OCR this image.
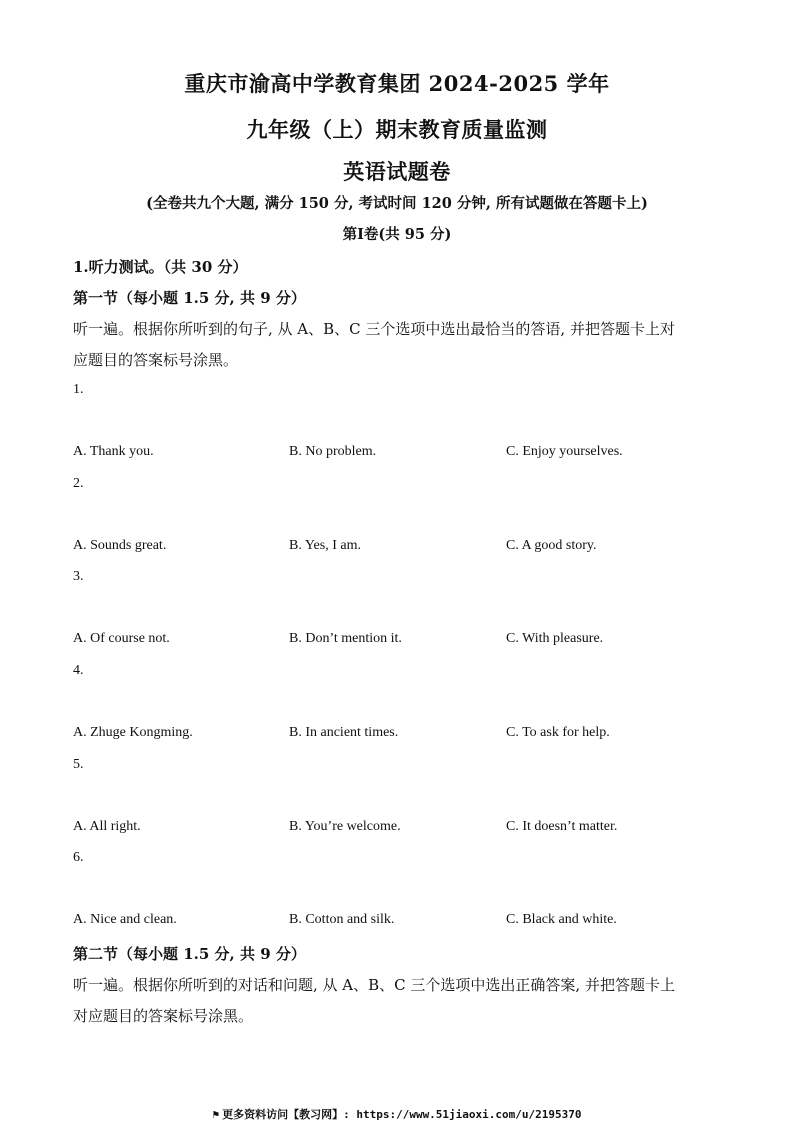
重庆市渝高中学教育集团 2024-2025 学年
九年级（上）期末教育质量监测
英语试题卷
(全卷共九个大题, 满分 150 分, 考试时间 120 分钟, 所有试题做在答题卡上)
第Ⅰ卷(共 95 分)
1.听力测试。（共 30 分）
第一节（每小题 1.5 分, 共 9 分）
听一遍。根据你所听到的句子, 从 A、B、C 三个选项中选出最恰当的答语, 并把答题卡上对
应题目的答案标号涂黑。
1.
A. Thank you.	B. No problem.	C. Enjoy yourselves.
2.
A. Sounds great.	B. Yes, I am.	C. A good story.
3.
A. Of course not.	B. Don’t mention it.	C. With pleasure.
4.
A. Zhuge Kongming.	B. In ancient times.	C. To ask for help.
5.
A. All right.	B. You’re welcome.	C. It doesn’t matter.
6.
A. Nice and clean.	B. Cotton and silk.	C. Black and white.
第二节（每小题 1.5 分, 共 9 分）
听一遍。根据你所听到的对话和问题, 从 A、B、C 三个选项中选出正确答案, 并把答题卡上
对应题目的答案标号涂黑。
⚑ 更多资料访问【教习网】: https://www.51jiaoxi.com/u/2195370
